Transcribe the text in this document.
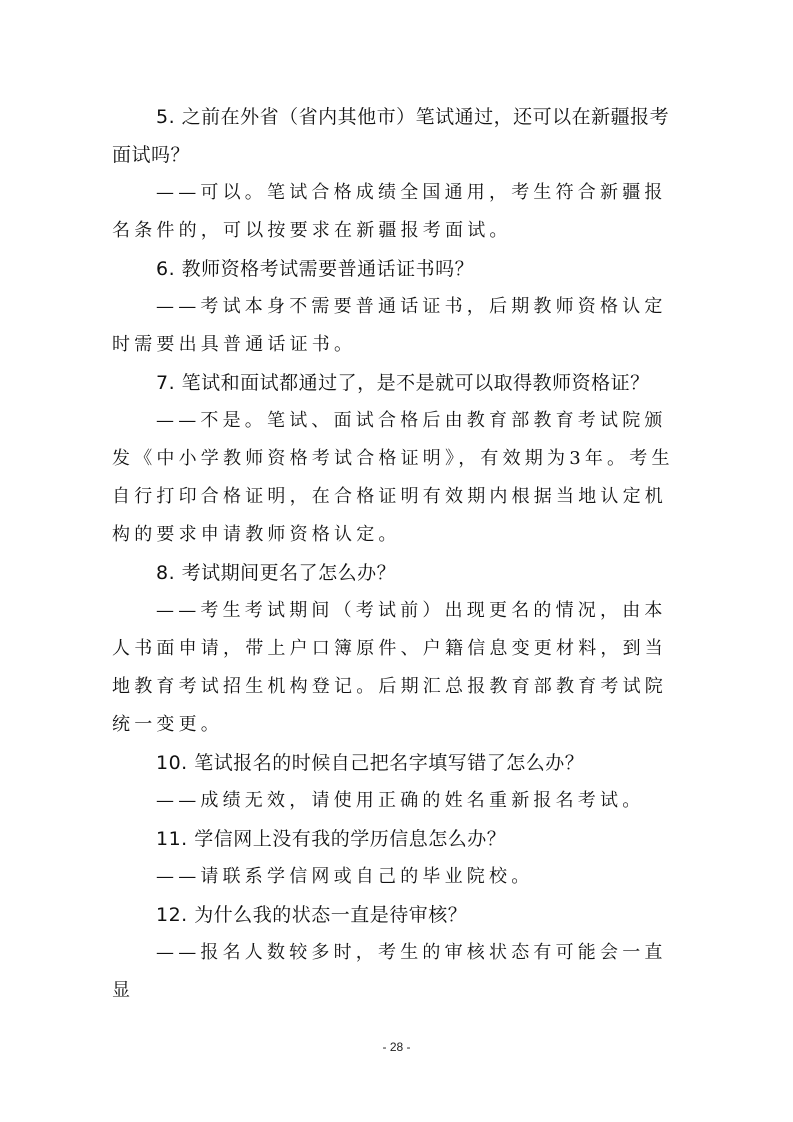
5. 之前在外省（省内其他市）笔试通过，还可以在新疆报考面试吗？

——可以。笔试合格成绩全国通用，考生符合新疆报名条件的，可以按要求在新疆报考面试。

6. 教师资格考试需要普通话证书吗？

——考试本身不需要普通话证书，后期教师资格认定时需要出具普通话证书。

7. 笔试和面试都通过了，是不是就可以取得教师资格证？

——不是。笔试、面试合格后由教育部教育考试院颁发《中小学教师资格考试合格证明》，有效期为3年。考生自行打印合格证明，在合格证明有效期内根据当地认定机构的要求申请教师资格认定。

8. 考试期间更名了怎么办？

——考生考试期间（考试前）出现更名的情况，由本人书面申请，带上户口簿原件、户籍信息变更材料，到当地教育考试招生机构登记。后期汇总报教育部教育考试院统一变更。

10. 笔试报名的时候自己把名字填写错了怎么办？

——成绩无效，请使用正确的姓名重新报名考试。

11. 学信网上没有我的学历信息怎么办？

——请联系学信网或自己的毕业院校。

12. 为什么我的状态一直是待审核？

——报名人数较多时，考生的审核状态有可能会一直显

- 28 -
